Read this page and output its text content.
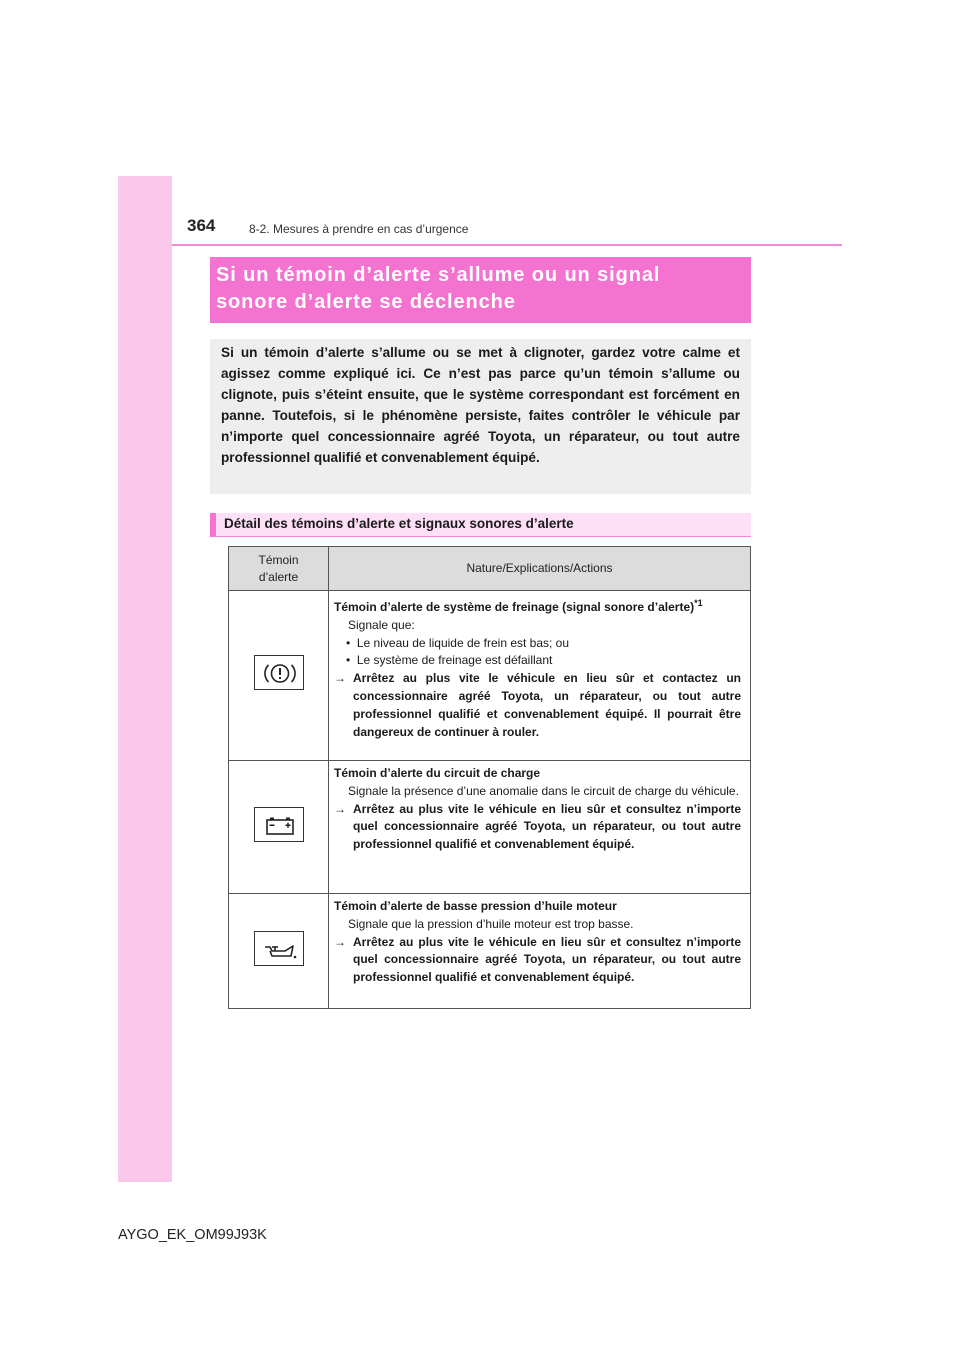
364	8-2. Mesures à prendre en cas d’urgence
Si un témoin d’alerte s’allume ou un signal
sonore d’alerte se déclenche

Si un témoin d’alerte s’allume ou se met à clignoter, gardez votre calme et agissez comme expliqué ici. Ce n’est pas parce qu’un témoin s’allume ou clignote, puis s’éteint ensuite, que le système correspondant est forcément en panne. Toutefois, si le phénomène persiste, faites contrôler le véhicule par n’importe quel concessionnaire agréé Toyota, un réparateur, ou tout autre professionnel qualifié et convenablement équipé.

Détail des témoins d’alerte et signaux sonores d’alerte
Témoin d’alerte	Nature/Explications/Actions

Témoin d’alerte de système de freinage (signal sonore d’alerte)$^{*1}$
Signale que:
•  Le niveau de liquide de frein est bas; ou
•  Le système de freinage est défaillant
→ Arrêtez au plus vite le véhicule en lieu sûr et contactez un concessionnaire agréé Toyota, un réparateur, ou tout autre professionnel qualifié et convenablement équipé. Il pourrait être dangereux de continuer à rouler.

Témoin d’alerte du circuit de charge
Signale la présence d’une anomalie dans le circuit de charge du véhicule.
→ Arrêtez au plus vite le véhicule en lieu sûr et consultez n’importe quel concessionnaire agréé Toyota, un réparateur, ou tout autre professionnel qualifié et convenablement équipé.

Témoin d’alerte de basse pression d’huile moteur
Signale que la pression d’huile moteur est trop basse.
→ Arrêtez au plus vite le véhicule en lieu sûr et consultez n’importe quel concessionnaire agréé Toyota, un réparateur, ou tout autre professionnel qualifié et convenablement équipé.
AYGO_EK_OM99J93K
